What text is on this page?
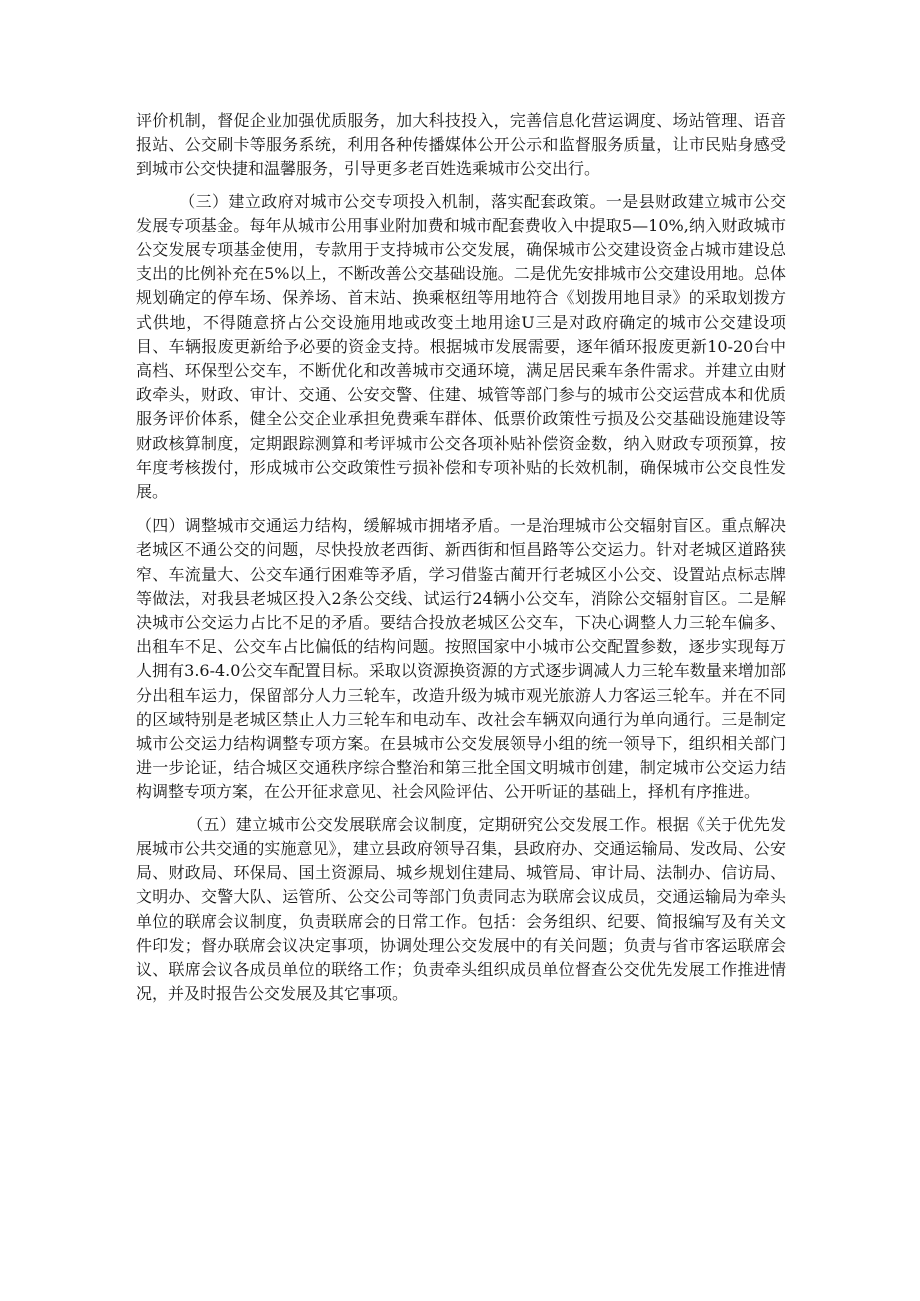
评价机制，督促企业加强优质服务，加大科技投入，完善信息化营运调度、场站管理、语音报站、公交刷卡等服务系统，利用各种传播媒体公开公示和监督服务质量，让市民贴身感受到城市公交快捷和温馨服务，引导更多老百姓选乘城市公交出行。

（三）建立政府对城市公交专项投入机制，落实配套政策。一是县财政建立城市公交发展专项基金。每年从城市公用事业附加费和城市配套费收入中提取5—10%,纳入财政城市公交发展专项基金使用，专款用于支持城市公交发展，确保城市公交建设资金占城市建设总支出的比例补充在5%以上，不断改善公交基础设施。二是优先安排城市公交建设用地。总体规划确定的停车场、保养场、首末站、换乘枢纽等用地符合《划拨用地目录》的采取划拨方式供地，不得随意挤占公交设施用地或改变土地用途U三是对政府确定的城市公交建设项目、车辆报废更新给予必要的资金支持。根据城市发展需要，逐年循环报废更新10-20台中高档、环保型公交车，不断优化和改善城市交通环境，满足居民乘车条件需求。并建立由财政牵头，财政、审计、交通、公安交警、住建、城管等部门参与的城市公交运营成本和优质服务评价体系，健全公交企业承担免费乘车群体、低票价政策性亏损及公交基础设施建设等财政核算制度，定期跟踪测算和考评城市公交各项补贴补偿资金数，纳入财政专项预算，按年度考核拨付，形成城市公交政策性亏损补偿和专项补贴的长效机制，确保城市公交良性发展。

（四）调整城市交通运力结构，缓解城市拥堵矛盾。一是治理城市公交辐射盲区。重点解决老城区不通公交的问题，尽快投放老西街、新西街和恒昌路等公交运力。针对老城区道路狭窄、车流量大、公交车通行困难等矛盾，学习借鉴古蔺开行老城区小公交、设置站点标志牌等做法，对我县老城区投入2条公交线、试运行24辆小公交车，消除公交辐射盲区。二是解决城市公交运力占比不足的矛盾。要结合投放老城区公交车，下决心调整人力三轮车偏多、出租车不足、公交车占比偏低的结构问题。按照国家中小城市公交配置参数，逐步实现每万人拥有3.6-4.0公交车配置目标。采取以资源换资源的方式逐步调减人力三轮车数量来增加部分出租车运力，保留部分人力三轮车，改造升级为城市观光旅游人力客运三轮车。并在不同的区域特别是老城区禁止人力三轮车和电动车、改社会车辆双向通行为单向通行。三是制定城市公交运力结构调整专项方案。在县城市公交发展领导小组的统一领导下，组织相关部门进一步论证，结合城区交通秩序综合整治和第三批全国文明城市创建，制定城市公交运力结构调整专项方案，在公开征求意见、社会风险评估、公开听证的基础上，择机有序推进。

（五）建立城市公交发展联席会议制度，定期研究公交发展工作。根据《关于优先发展城市公共交通的实施意见》，建立县政府领导召集，县政府办、交通运输局、发改局、公安局、财政局、环保局、国土资源局、城乡规划住建局、城管局、审计局、法制办、信访局、文明办、交警大队、运管所、公交公司等部门负责同志为联席会议成员，交通运输局为牵头单位的联席会议制度，负责联席会的日常工作。包括：会务组织、纪要、简报编写及有关文件印发；督办联席会议决定事项，协调处理公交发展中的有关问题；负责与省市客运联席会议、联席会议各成员单位的联络工作；负责牵头组织成员单位督查公交优先发展工作推进情况，并及时报告公交发展及其它事项。
